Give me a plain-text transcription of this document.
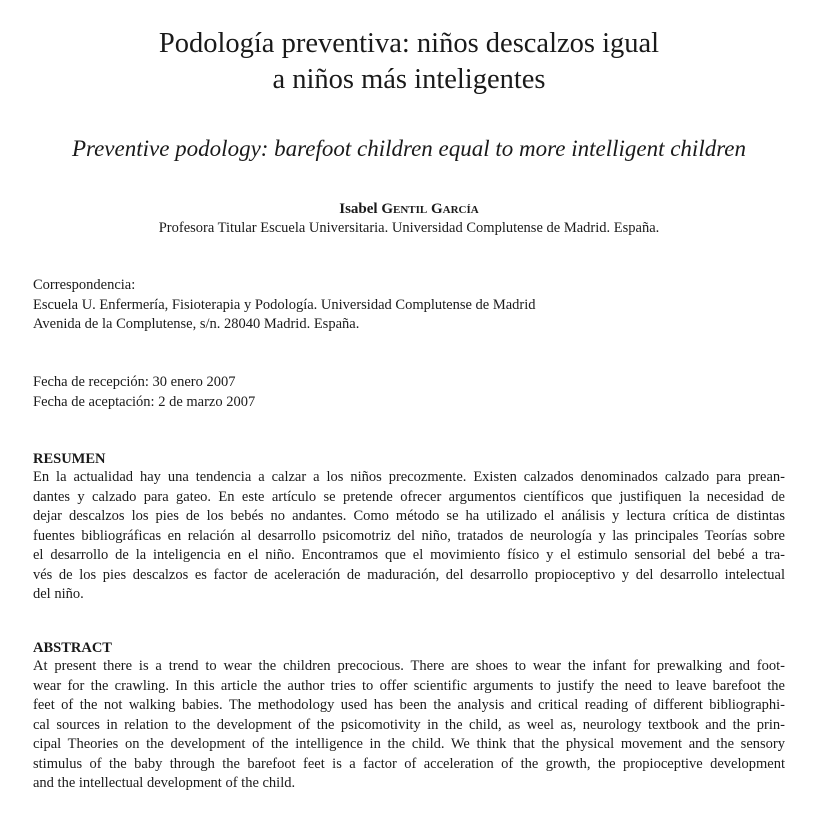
Podología preventiva: niños descalzos igual
a niños más inteligentes
Preventive podology: barefoot children equal to more intelligent children
Isabel Gentil García
Profesora Titular Escuela Universitaria. Universidad Complutense de Madrid. España.
Correspondencia:
Escuela U. Enfermería, Fisioterapia y Podología. Universidad Complutense de Madrid
Avenida de la Complutense, s/n. 28040 Madrid. España.
Fecha de recepción: 30 enero 2007
Fecha de aceptación: 2 de marzo 2007
RESUMEN
En la actualidad hay una tendencia a calzar a los niños precozmente. Existen calzados denominados calzado para prean-
dantes y calzado para gateo. En este artículo se pretende ofrecer argumentos científicos que justifiquen la necesidad de
dejar descalzos los pies de los bebés no andantes. Como método se ha utilizado el análisis y lectura crítica de distintas
fuentes bibliográficas en relación al desarrollo psicomotriz del niño, tratados de neurología y las principales Teorías sobre
el desarrollo de la inteligencia en el niño. Encontramos que el movimiento físico y el estimulo sensorial del bebé a tra-
vés de los pies descalzos es factor de aceleración de maduración, del desarrollo propioceptivo y del desarrollo intelectual
del niño.
ABSTRACT
At present there is a trend to wear the children precocious. There are shoes to wear the infant for prewalking and foot-
wear for the crawling. In this article the author tries to offer scientific arguments to justify the need to leave barefoot the
feet of the not walking babies. The methodology used has been the analysis and critical reading of different bibliographi-
cal sources in relation to the development of the psicomotivity in the child, as weel as, neurology textbook and the prin-
cipal Theories on the development of the intelligence in the child. We think that the physical movement and the sensory
stimulus of the baby through the barefoot feet is a factor of acceleration of the growth, the propioceptive development
and the intellectual development of the child.
